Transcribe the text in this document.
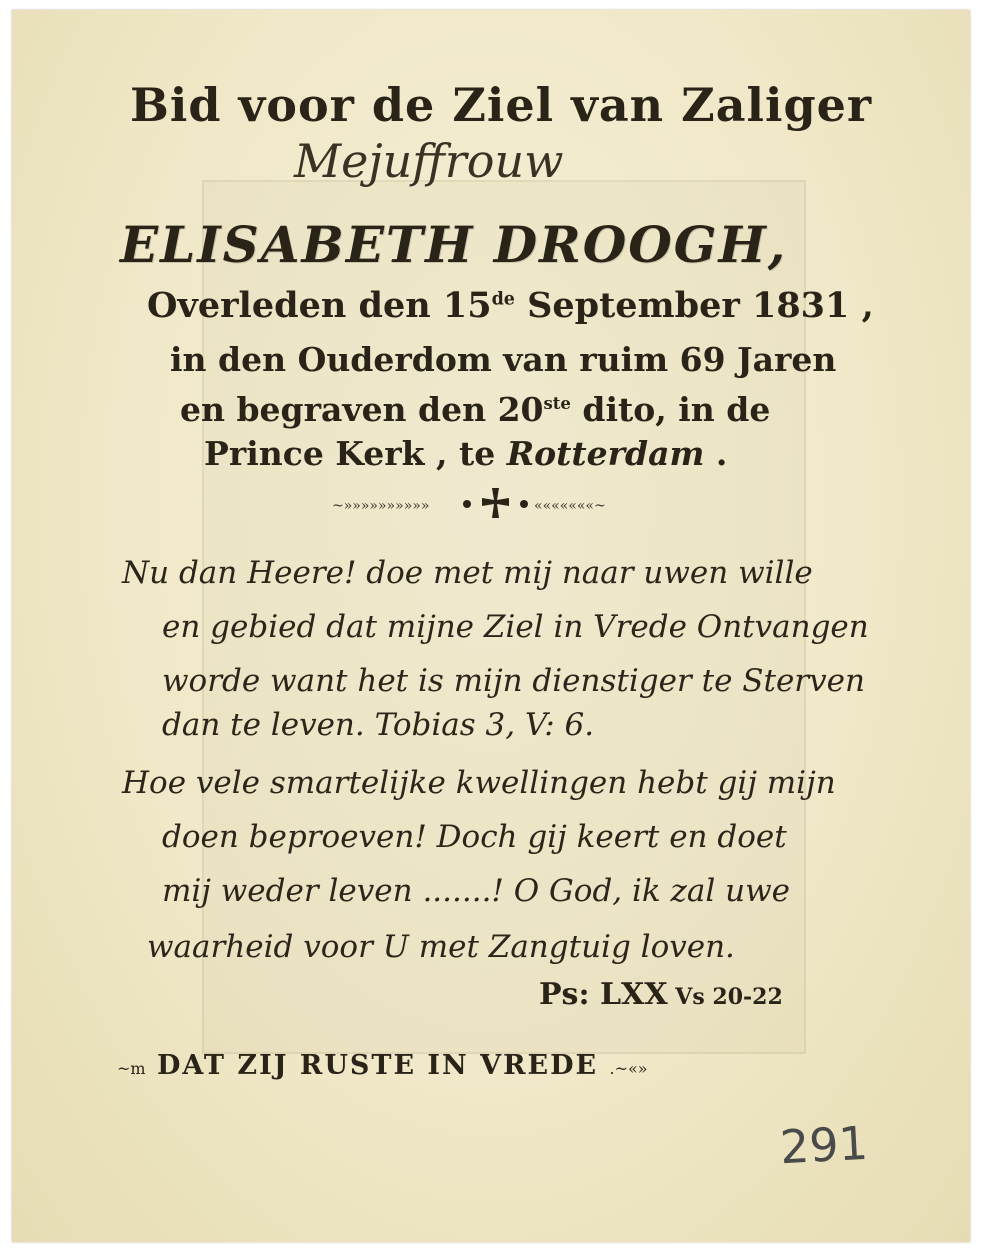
Bid voor de Ziel van Zaliger
Mejuffrouw
ELISABETH DROOGH,
Overleden den 15de September 1831 ,
in den Ouderdom van ruim 69 Jaren
en begraven den 20ste dito, in de
Prince Kerk , te Rotterdam .
~»»»»»»»»»»	«««««««~
Nu dan Heere! doe met mij naar uwen wille
en gebied dat mijne Ziel in Vrede Ontvangen
worde want het is mijn dienstiger te Sterven
dan te leven. Tobias 3, V: 6.
Hoe vele smartelijke kwellingen hebt gij mijn
doen beproeven! Doch gij keert en doet
mij weder leven .......! O God, ik zal uwe
waarheid voor U met Zangtuig loven.
Ps: LXX Vs 20-22
~m DAT ZIJ RUSTE IN VREDE .~«»
291
